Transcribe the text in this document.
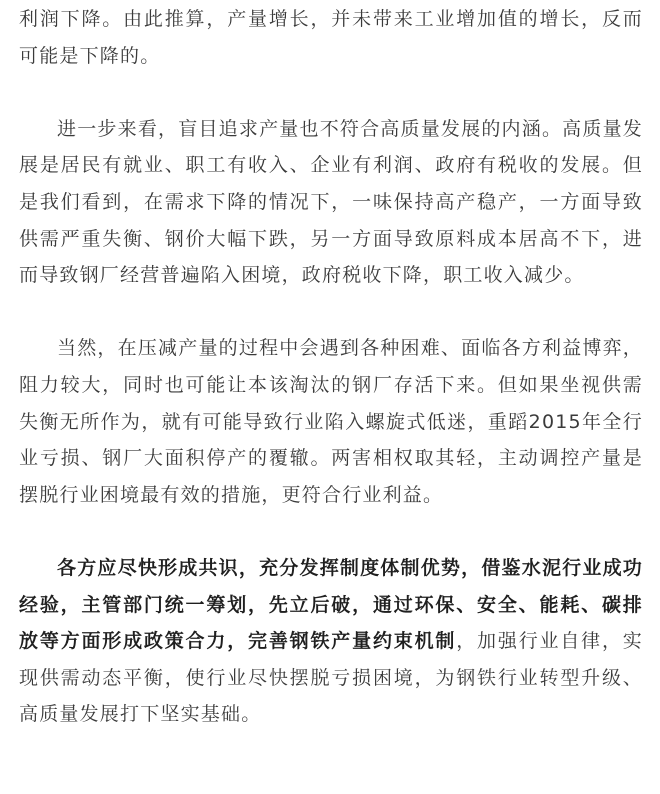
利润下降。由此推算，产量增长，并未带来工业增加值的增长，反而可能是下降的。

进一步来看，盲目追求产量也不符合高质量发展的内涵。高质量发展是居民有就业、职工有收入、企业有利润、政府有税收的发展。但是我们看到，在需求下降的情况下，一味保持高产稳产，一方面导致供需严重失衡、钢价大幅下跌，另一方面导致原料成本居高不下，进而导致钢厂经营普遍陷入困境，政府税收下降，职工收入减少。

当然，在压减产量的过程中会遇到各种困难、面临各方利益博弈，阻力较大，同时也可能让本该淘汰的钢厂存活下来。但如果坐视供需失衡无所作为，就有可能导致行业陷入螺旋式低迷，重蹈2015年全行业亏损、钢厂大面积停产的覆辙。两害相权取其轻，主动调控产量是摆脱行业困境最有效的措施，更符合行业利益。

各方应尽快形成共识，充分发挥制度体制优势，借鉴水泥行业成功经验，主管部门统一筹划，先立后破，通过环保、安全、能耗、碳排放等方面形成政策合力，完善钢铁产量约束机制，加强行业自律，实现供需动态平衡，使行业尽快摆脱亏损困境，为钢铁行业转型升级、高质量发展打下坚实基础。
